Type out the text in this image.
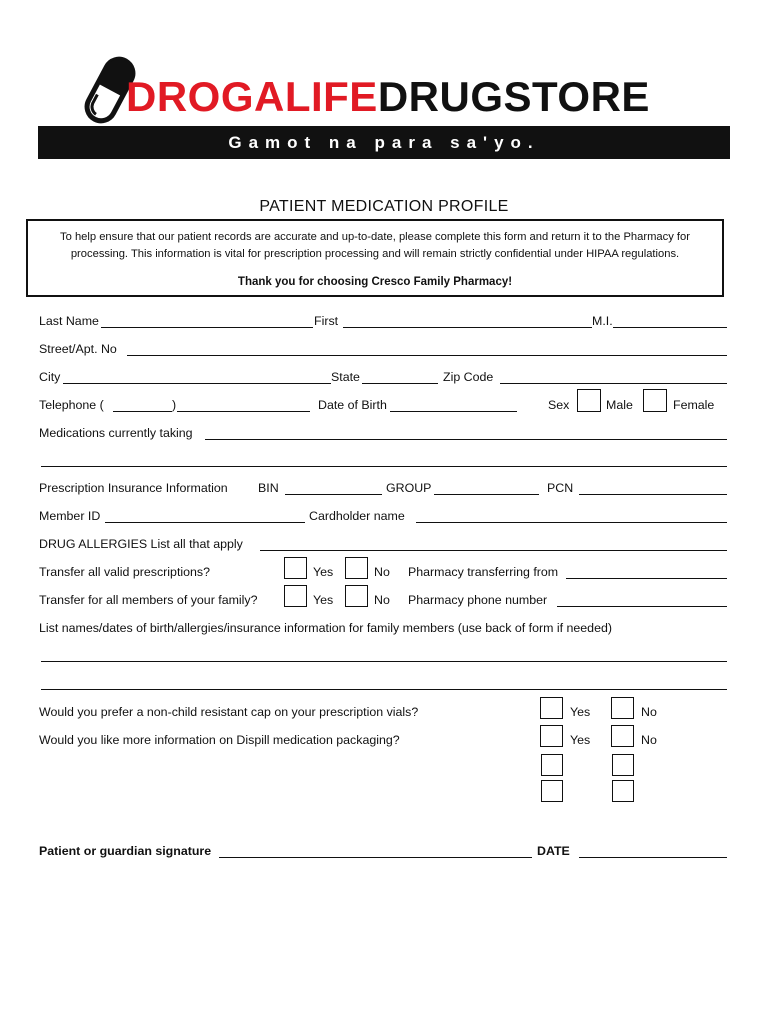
DROGALIFEDRUGSTORE
Gamot na para sa'yo.
PATIENT MEDICATION PROFILE
To help ensure that our patient records are accurate and up-to-date, please complete this form and return it to the Pharmacy for processing. This information is vital for prescription processing and will remain strictly confidential under HIPAA regulations.
Thank you for choosing Cresco Family Pharmacy!
Last Name	First	M.I.
Street/Apt. No
City	State	Zip Code
Telephone (	)	Date of Birth	Sex	Male	Female
Medications currently taking
Prescription Insurance Information BIN	GROUP	PCN
Member ID	Cardholder name
DRUG ALLERGIES List all that apply
Transfer all valid prescriptions?	Yes	No Pharmacy transferring from
Transfer for all members of your family?	Yes	No Pharmacy phone number
List names/dates of birth/allergies/insurance information for family members (use back of form if needed)
Would you prefer a non-child resistant cap on your prescription vials?	Yes	No
Would you like more information on Dispill medication packaging?	Yes	No
Patient or guardian signature	DATE
